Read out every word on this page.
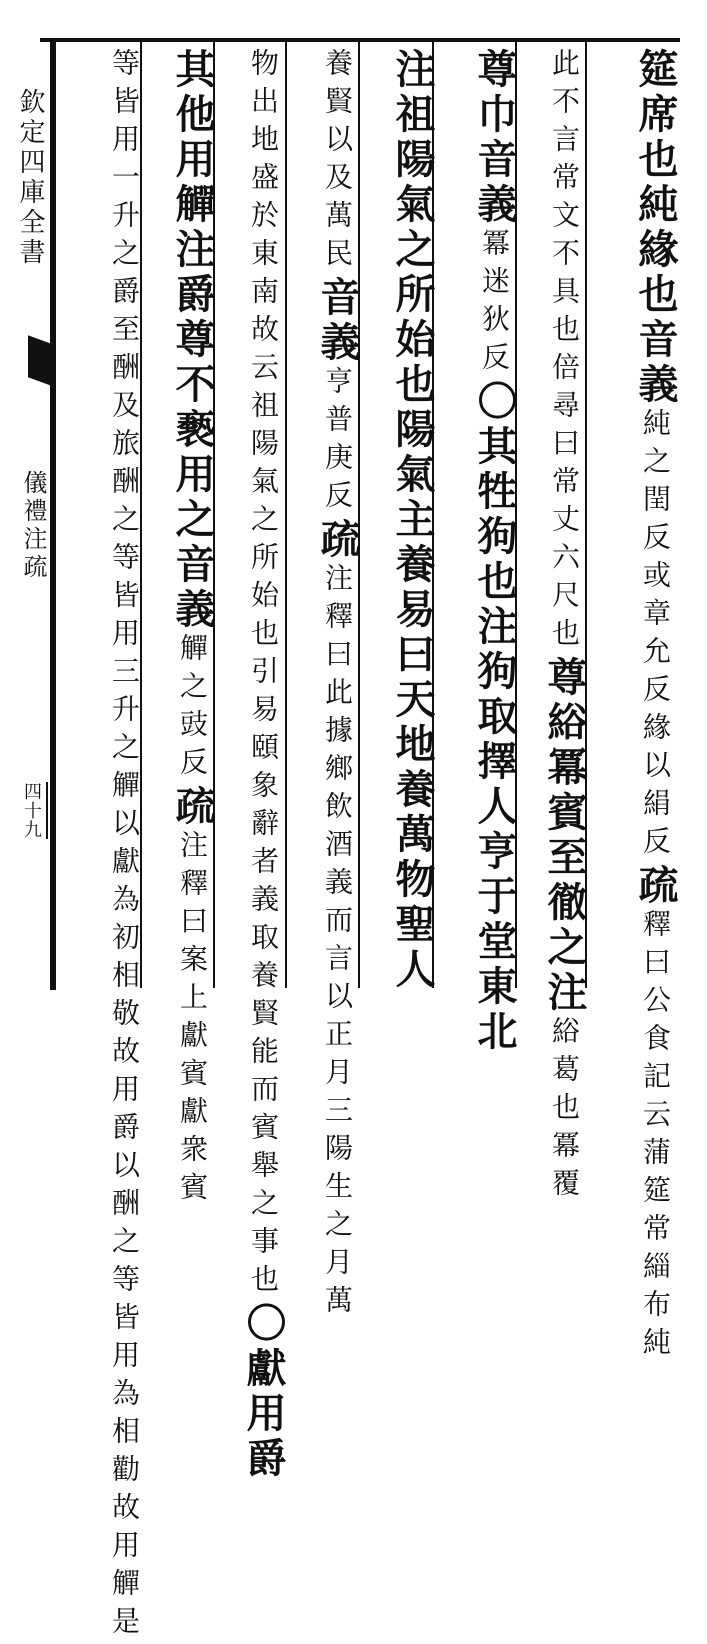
欽定四庫全書
儀禮注疏
四十九
筵席也純緣也音義純之閏反或章允反緣以絹反疏釋曰公食記云蒲筵常緇布純
此不言常文不具也倍尋曰常丈六尺也尊綌冪賓至徹之注綌葛也冪覆
尊巾音義冪迷狄反〇其牲狗也注狗取擇人亨于堂東北
注祖陽氣之所始也陽氣主養易曰天地養萬物聖人
養賢以及萬民音義亨普庚反疏注釋曰此據鄉飲酒義而言以正月三陽生之月萬
物出地盛於東南故云祖陽氣之所始也引易頤象辭者義取養賢能而賓舉之事也〇獻用爵
其他用觶注爵尊不褻用之音義觶之豉反疏注釋曰案上獻賓獻衆賓
等皆用一升之爵至酬及旅酬之等皆用三升之觶以獻為初相敬故用爵以酬之等皆用為相勸故用觶是
